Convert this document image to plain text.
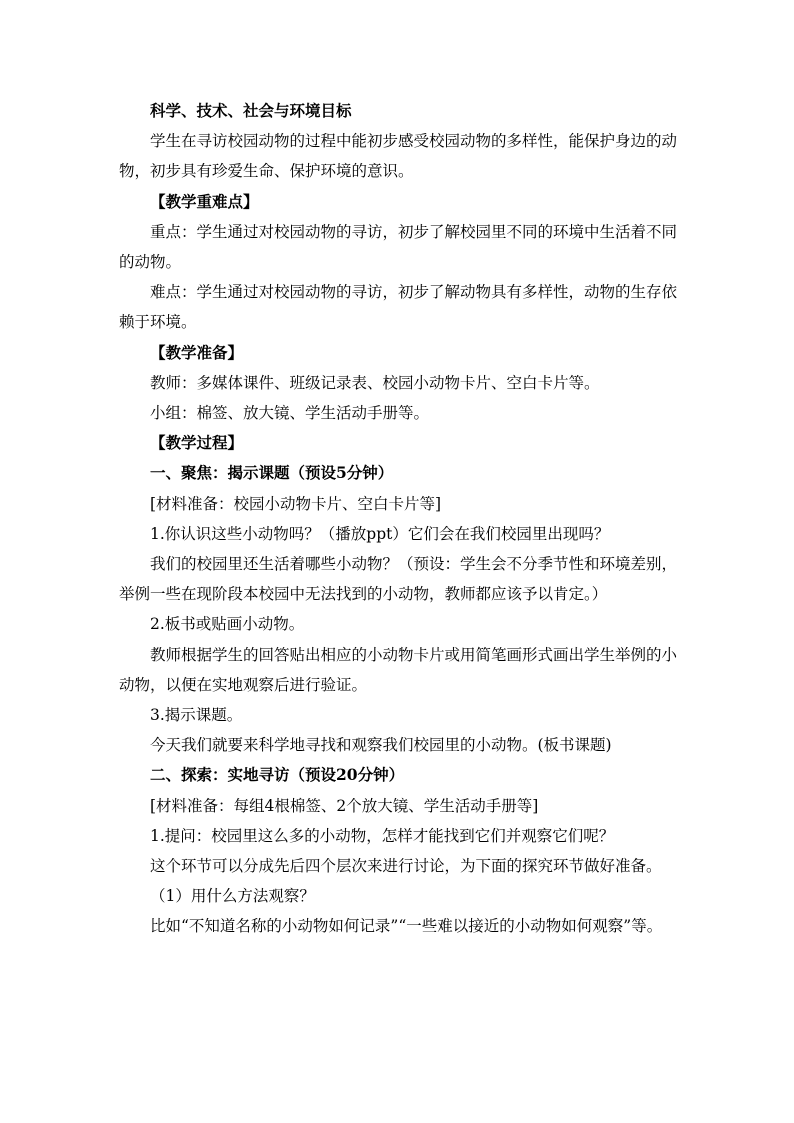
科学、技术、社会与环境目标

学生在寻访校园动物的过程中能初步感受校园动物的多样性，能保护身边的动物，初步具有珍爱生命、保护环境的意识。

【教学重难点】

重点：学生通过对校园动物的寻访，初步了解校园里不同的环境中生活着不同的动物。

难点：学生通过对校园动物的寻访，初步了解动物具有多样性，动物的生存依赖于环境。

【教学准备】

教师：多媒体课件、班级记录表、校园小动物卡片、空白卡片等。

小组：棉签、放大镜、学生活动手册等。

【教学过程】

一、聚焦：揭示课题（预设5分钟）

[材料准备：校园小动物卡片、空白卡片等]

1.你认识这些小动物吗？（播放ppt）它们会在我们校园里出现吗？

我们的校园里还生活着哪些小动物？（预设：学生会不分季节性和环境差别，举例一些在现阶段本校园中无法找到的小动物，教师都应该予以肯定。）

2.板书或贴画小动物。

教师根据学生的回答贴出相应的小动物卡片或用简笔画形式画出学生举例的小动物，以便在实地观察后进行验证。

3.揭示课题。

今天我们就要来科学地寻找和观察我们校园里的小动物。(板书课题)

二、探索：实地寻访（预设20分钟）

[材料准备：每组4根棉签、2个放大镜、学生活动手册等]

1.提问：校园里这么多的小动物，怎样才能找到它们并观察它们呢？

这个环节可以分成先后四个层次来进行讨论，为下面的探究环节做好准备。

（1）用什么方法观察？

比如“不知道名称的小动物如何记录”“一些难以接近的小动物如何观察”等。
